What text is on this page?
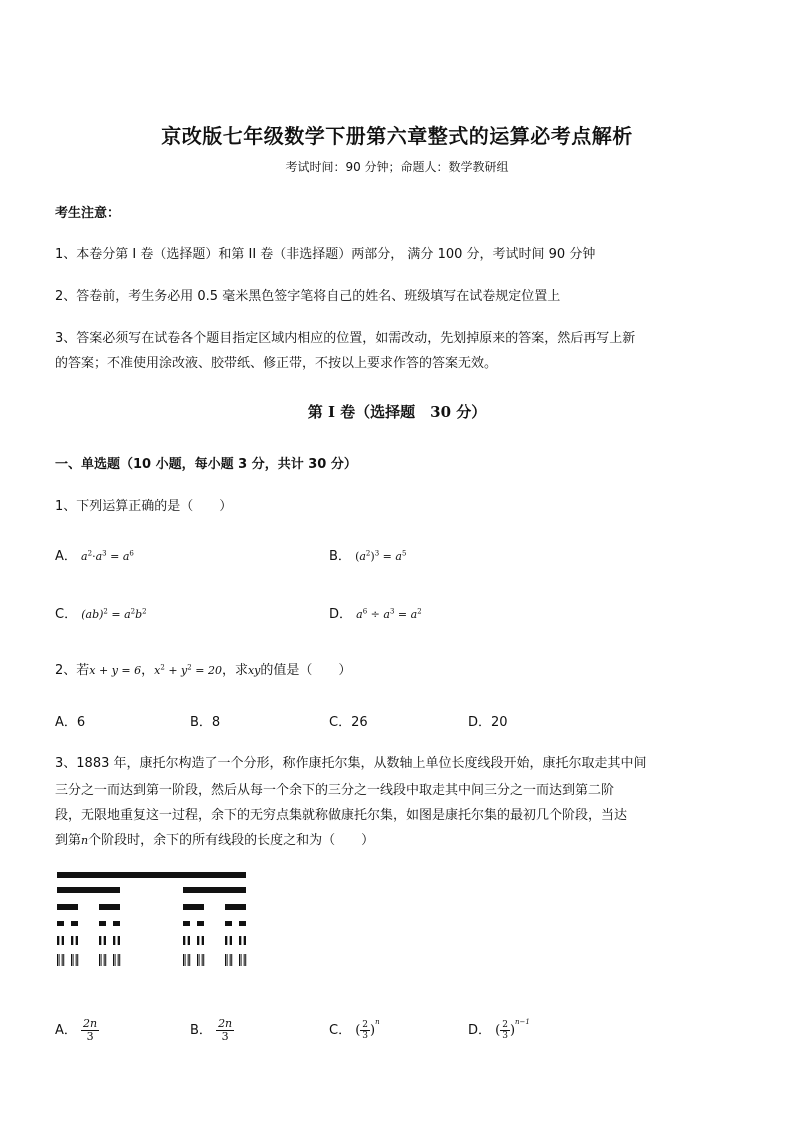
京改版七年级数学下册第六章整式的运算必考点解析
考试时间：90 分钟；命题人：数学教研组
考生注意：
1、本卷分第 I 卷（选择题）和第 II 卷（非选择题）两部分， 满分 100 分，考试时间 90 分钟
2、答卷前，考生务必用 0.5 毫米黑色签字笔将自己的姓名、班级填写在试卷规定位置上
3、答案必须写在试卷各个题目指定区域内相应的位置，如需改动，先划掉原来的答案，然后再写上新
的答案；不准使用涂改液、胶带纸、修正带，不按以上要求作答的答案无效。
第 I 卷（选择题　30 分）
一、单选题（10 小题，每小题 3 分，共计 30 分）
1、下列运算正确的是（　　）
A． $a^2\cdot a^3 = a^6$	B． $(a^2)^3 = a^5$
C． $(ab)^2 = a^2b^2$	D． $a^6 \div a^3 = a^2$
2、若x + y = 6，$x^2 + y^2 = 20$，求xy的值是（　　）
A．6	B．8	C．26	D．20
3、1883 年，康托尔构造了一个分形，称作康托尔集，从数轴上单位长度线段开始，康托尔取走其中间
三分之一而达到第一阶段，然后从每一个余下的三分之一线段中取走其中间三分之一而达到第二阶
段，无限地重复这一过程，余下的无穷点集就称做康托尔集，如图是康托尔集的最初几个阶段，当达
到第n个阶段时，余下的所有线段的长度之和为（　　）
A． $\frac{2n}{3}$	B． $\frac{2n}{3}$	C． ( $\frac{2}{3} )^n$
D． ( $\frac{2}{3} )^{n-1}$
